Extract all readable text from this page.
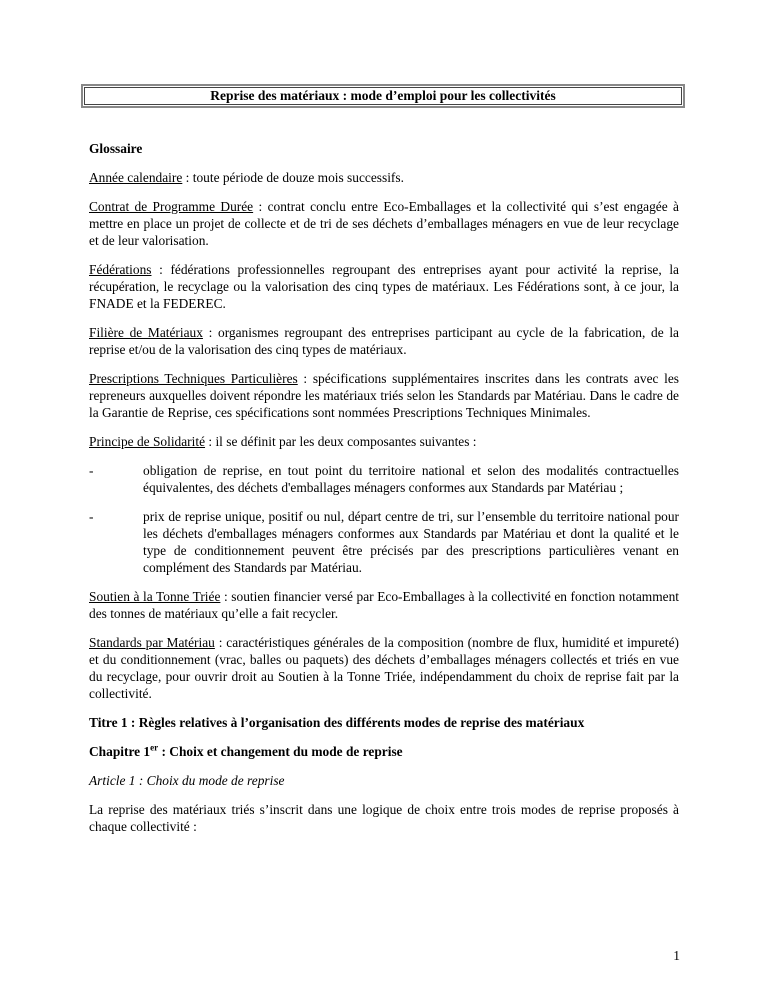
Reprise des matériaux : mode d’emploi pour les collectivités

Glossaire

Année calendaire : toute période de douze mois successifs.

Contrat de Programme Durée : contrat conclu entre Eco-Emballages et la collectivité qui s’est engagée à mettre en place un projet de collecte et de tri de ses déchets d’emballages ménagers en vue de leur recyclage et de leur valorisation.

Fédérations : fédérations professionnelles regroupant des entreprises ayant pour activité la reprise, la récupération, le recyclage ou la valorisation des cinq types de matériaux. Les Fédérations sont, à ce jour, la FNADE et la FEDEREC.

Filière de Matériaux : organismes regroupant des entreprises participant au cycle de la fabrication, de la reprise et/ou de la valorisation des cinq types de matériaux.

Prescriptions Techniques Particulières : spécifications supplémentaires inscrites dans les contrats avec les repreneurs auxquelles doivent répondre les matériaux triés selon les Standards par Matériau. Dans le cadre de la Garantie de Reprise, ces spécifications sont nommées Prescriptions Techniques Minimales.

Principe de Solidarité : il se définit par les deux composantes suivantes :

-	obligation de reprise, en tout point du territoire national et selon des modalités contractuelles équivalentes, des déchets d'emballages ménagers conformes aux Standards par Matériau ;
-	prix de reprise unique, positif ou nul, départ centre de tri, sur l’ensemble du territoire national pour les déchets d'emballages ménagers conformes aux Standards par Matériau et dont la qualité et le type de conditionnement peuvent être précisés par des prescriptions particulières venant en complément des Standards par Matériau.

Soutien à la Tonne Triée : soutien financier versé par Eco-Emballages à la collectivité en fonction notamment des tonnes de matériaux qu’elle a fait recycler.

Standards par Matériau : caractéristiques générales de la composition (nombre de flux, humidité et impureté) et du conditionnement (vrac, balles ou paquets) des déchets d’emballages ménagers collectés et triés en vue du recyclage, pour ouvrir droit au Soutien à la Tonne Triée, indépendamment du choix de reprise fait par la collectivité.

Titre 1 : Règles relatives à l’organisation des différents modes de reprise des matériaux

Chapitre 1er : Choix et changement du mode de reprise

Article 1 : Choix du mode de reprise

La reprise des matériaux triés s’inscrit dans une logique de choix entre trois modes de reprise proposés à chaque collectivité :

1
